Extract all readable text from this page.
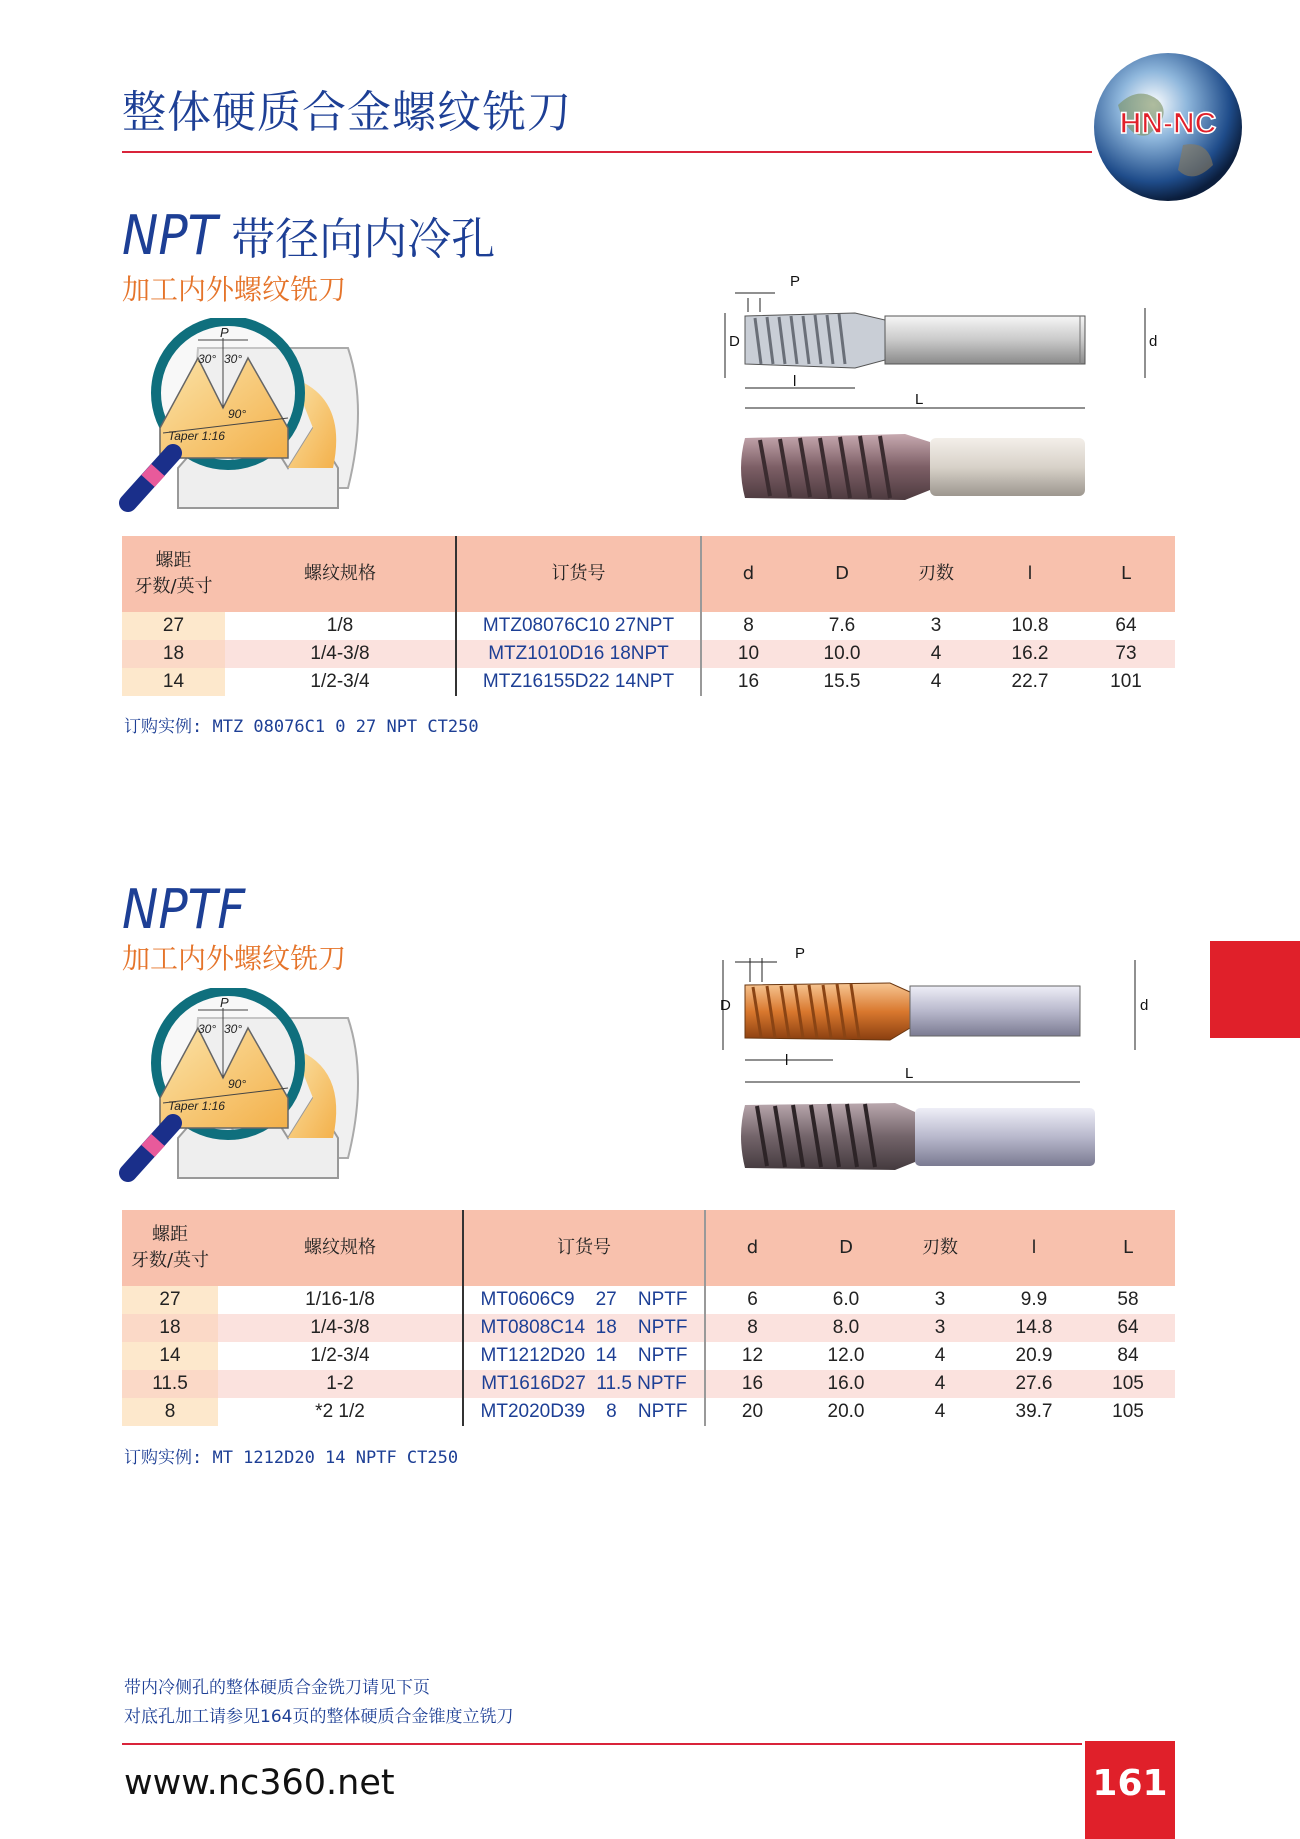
整体硬质合金螺纹铣刀	HN-NC
NPT 带径向内冷孔
加工内外螺纹铣刀
P
30° 30°
90°
Taper 1:16
P
D	d
l
L
螺距
牙数/英寸	螺纹规格	订货号	d	D	刃数	l	L
27	1/8	MTZ08076C10 27NPT	8	7.6	3	10.8	64
18	1/4-3/8	MTZ1010D16 18NPT	10	10.0	4	16.2	73
14	1/2-3/4	MTZ16155D22 14NPT	16	15.5	4	22.7	101
订购实例: MTZ 08076C1 0 27 NPT CT250
NPTF
加工内外螺纹铣刀
P
30° 30°
90°
Taper 1:16
P
D	d
l
L
螺距
牙数/英寸	螺纹规格	订货号	d	D	刃数	l	L
27	1/16-1/8	MT0606C9    27    NPTF	6	6.0	3	9.9	58
18	1/4-3/8	MT0808C14  18    NPTF	8	8.0	3	14.8	64
14	1/2-3/4	MT1212D20  14    NPTF	12	12.0	4	20.9	84
11.5	1-2	MT1616D27  11.5 NPTF	16	16.0	4	27.6	105
8	*2 1/2	MT2020D39    8    NPTF	20	20.0	4	39.7	105
订购实例: MT 1212D20 14 NPTF CT250
带内冷侧孔的整体硬质合金铣刀请见下页
对底孔加工请参见164页的整体硬质合金锥度立铣刀
www.nc360.net	161
